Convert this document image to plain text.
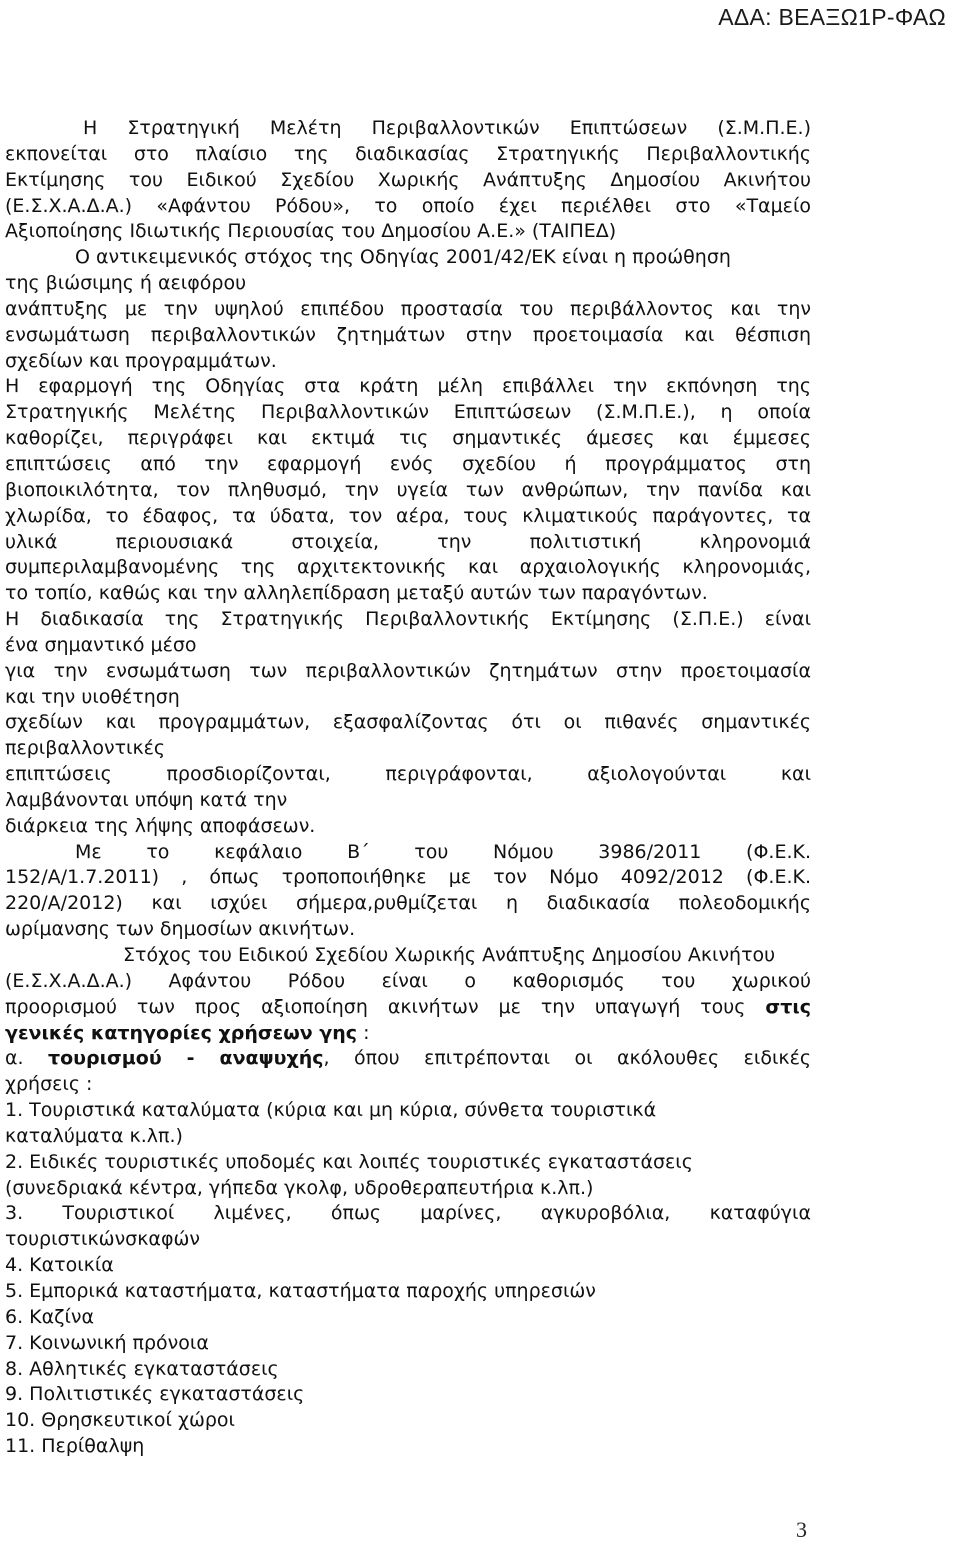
ΑΔΑ: ΒΕΑΞΩ1Ρ-ΦΑΩ

Η Στρατηγική Μελέτη Περιβαλλοντικών Επιπτώσεων (Σ.Μ.Π.Ε.)

εκπονείται στο πλαίσιο της διαδικασίας Στρατηγικής Περιβαλλοντικής

Εκτίμησης του Ειδικού Σχεδίου Χωρικής Ανάπτυξης Δημοσίου Ακινήτου

(Ε.Σ.Χ.Α.Δ.Α.) «Αφάντου Ρόδου», το οποίο έχει περιέλθει στο «Ταμείο

Αξιοποίησης Ιδιωτικής Περιουσίας του Δημοσίου Α.Ε.» (ΤΑΙΠΕΔ)

Ο αντικειμενικός στόχος της Οδηγίας 2001/42/ΕΚ είναι η προώθηση

της βιώσιμης ή αειφόρου

ανάπτυξης με την υψηλού επιπέδου προστασία του περιβάλλοντος και την

ενσωμάτωση περιβαλλοντικών ζητημάτων στην προετοιμασία και θέσπιση

σχεδίων και προγραμμάτων.

Η εφαρμογή της Οδηγίας στα κράτη μέλη επιβάλλει την εκπόνηση της

Στρατηγικής Μελέτης Περιβαλλοντικών Επιπτώσεων (Σ.Μ.Π.Ε.), η οποία

καθορίζει, περιγράφει και εκτιμά τις σημαντικές άμεσες και έμμεσες

επιπτώσεις από την εφαρμογή ενός σχεδίου ή προγράμματος στη

βιοποικιλότητα, τον πληθυσμό, την υγεία των ανθρώπων, την πανίδα και

χλωρίδα, το έδαφος, τα ύδατα, τον αέρα, τους κλιματικούς παράγοντες, τα

υλικά περιουσιακά στοιχεία, την πολιτιστική κληρονομιά

συμπεριλαμβανομένης της αρχιτεκτονικής και αρχαιολογικής κληρονομιάς,

το τοπίο, καθώς και την αλληλεπίδραση μεταξύ αυτών των παραγόντων.

Η διαδικασία της Στρατηγικής Περιβαλλοντικής Εκτίμησης (Σ.Π.Ε.) είναι

ένα σημαντικό μέσο

για την ενσωμάτωση των περιβαλλοντικών ζητημάτων στην προετοιμασία

και την υιοθέτηση

σχεδίων και προγραμμάτων, εξασφαλίζοντας ότι οι πιθανές σημαντικές

περιβαλλοντικές

επιπτώσεις προσδιορίζονται, περιγράφονται, αξιολογούνται και

λαμβάνονται υπόψη κατά την

διάρκεια της λήψης αποφάσεων.

Με το κεφάλαιο Β΄ του Νόμου 3986/2011 (Φ.Ε.Κ.

152/Α/1.7.2011) , όπως τροποποιήθηκε με τον Νόμο 4092/2012 (Φ.Ε.Κ.

220/Α/2012) και ισχύει σήμερα,ρυθμίζεται η διαδικασία πολεοδομικής

ωρίμανσης των δημοσίων ακινήτων.

Στόχος του Ειδικού Σχεδίου Χωρικής Ανάπτυξης Δημοσίου Ακινήτου

(Ε.Σ.Χ.Α.Δ.Α.) Αφάντου Ρόδου είναι ο καθορισμός του χωρικού

προορισμού των προς αξιοποίηση ακινήτων με την υπαγωγή τους στις

γενικές κατηγορίες χρήσεων γης :

α. τουρισμού - αναψυχής, όπου επιτρέπονται οι ακόλουθες ειδικές

χρήσεις :

1. Τουριστικά καταλύματα (κύρια και μη κύρια, σύνθετα τουριστικά

καταλύματα κ.λπ.)

2. Ειδικές τουριστικές υποδομές και λοιπές τουριστικές εγκαταστάσεις

(συνεδριακά κέντρα, γήπεδα γκολφ, υδροθεραπευτήρια κ.λπ.)

3. Τουριστικοί λιμένες, όπως μαρίνες, αγκυροβόλια, καταφύγια

τουριστικώνσκαφών

4. Κατοικία

5. Εμπορικά καταστήματα, καταστήματα παροχής υπηρεσιών

6. Καζίνα

7. Κοινωνική πρόνοια

8. Αθλητικές εγκαταστάσεις

9. Πολιτιστικές εγκαταστάσεις

10. Θρησκευτικοί χώροι

11. Περίθαλψη

3
